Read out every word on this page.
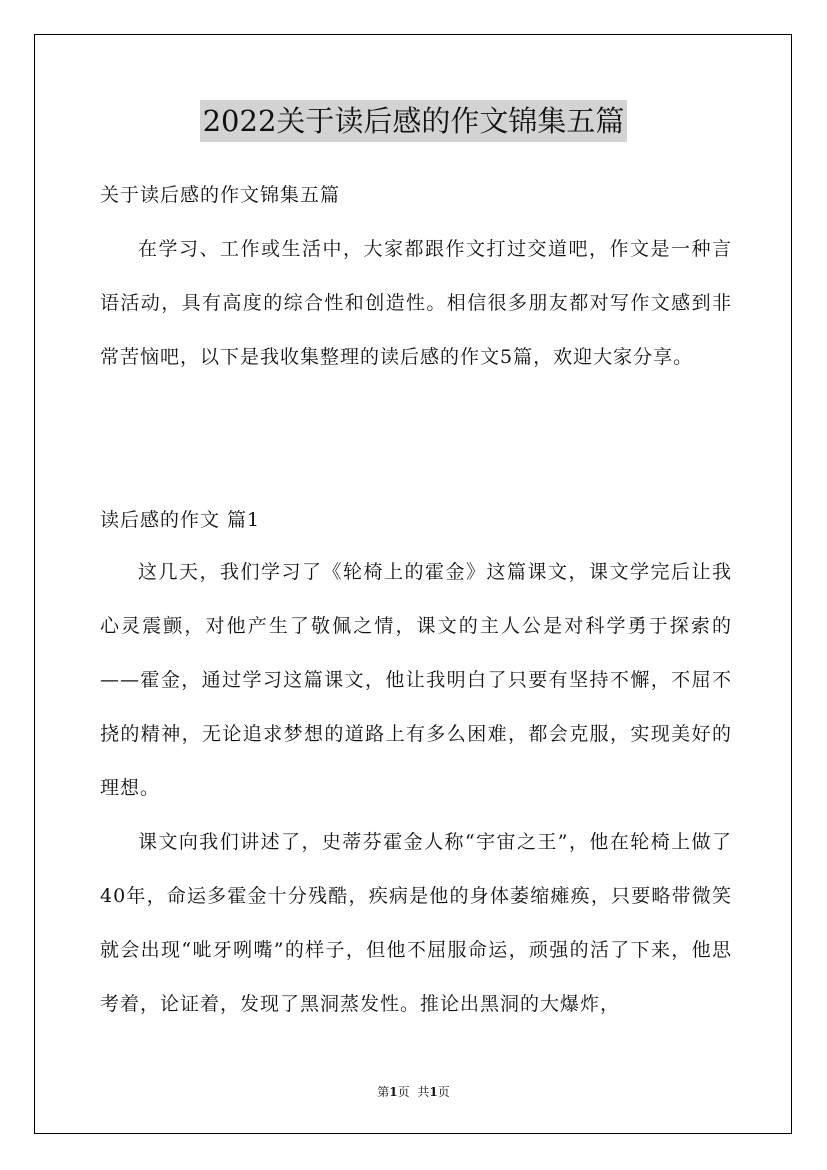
2022关于读后感的作文锦集五篇
关于读后感的作文锦集五篇
在学习、工作或生活中，大家都跟作文打过交道吧，作文是一种言语活动，具有高度的综合性和创造性。相信很多朋友都对写作文感到非常苦恼吧，以下是我收集整理的读后感的作文5篇，欢迎大家分享。
读后感的作文 篇1
这几天，我们学习了《轮椅上的霍金》这篇课文，课文学完后让我心灵震颤，对他产生了敬佩之情，课文的主人公是对科学勇于探索的——霍金，通过学习这篇课文，他让我明白了只要有坚持不懈，不屈不挠的精神，无论追求梦想的道路上有多么困难，都会克服，实现美好的理想。
课文向我们讲述了，史蒂芬霍金人称“宇宙之王”，他在轮椅上做了40年，命运多霍金十分残酷，疾病是他的身体萎缩瘫痪，只要略带微笑就会出现“呲牙咧嘴”的样子，但他不屈服命运，顽强的活了下来，他思考着，论证着，发现了黑洞蒸发性。推论出黑洞的大爆炸，
第1页 共1页
